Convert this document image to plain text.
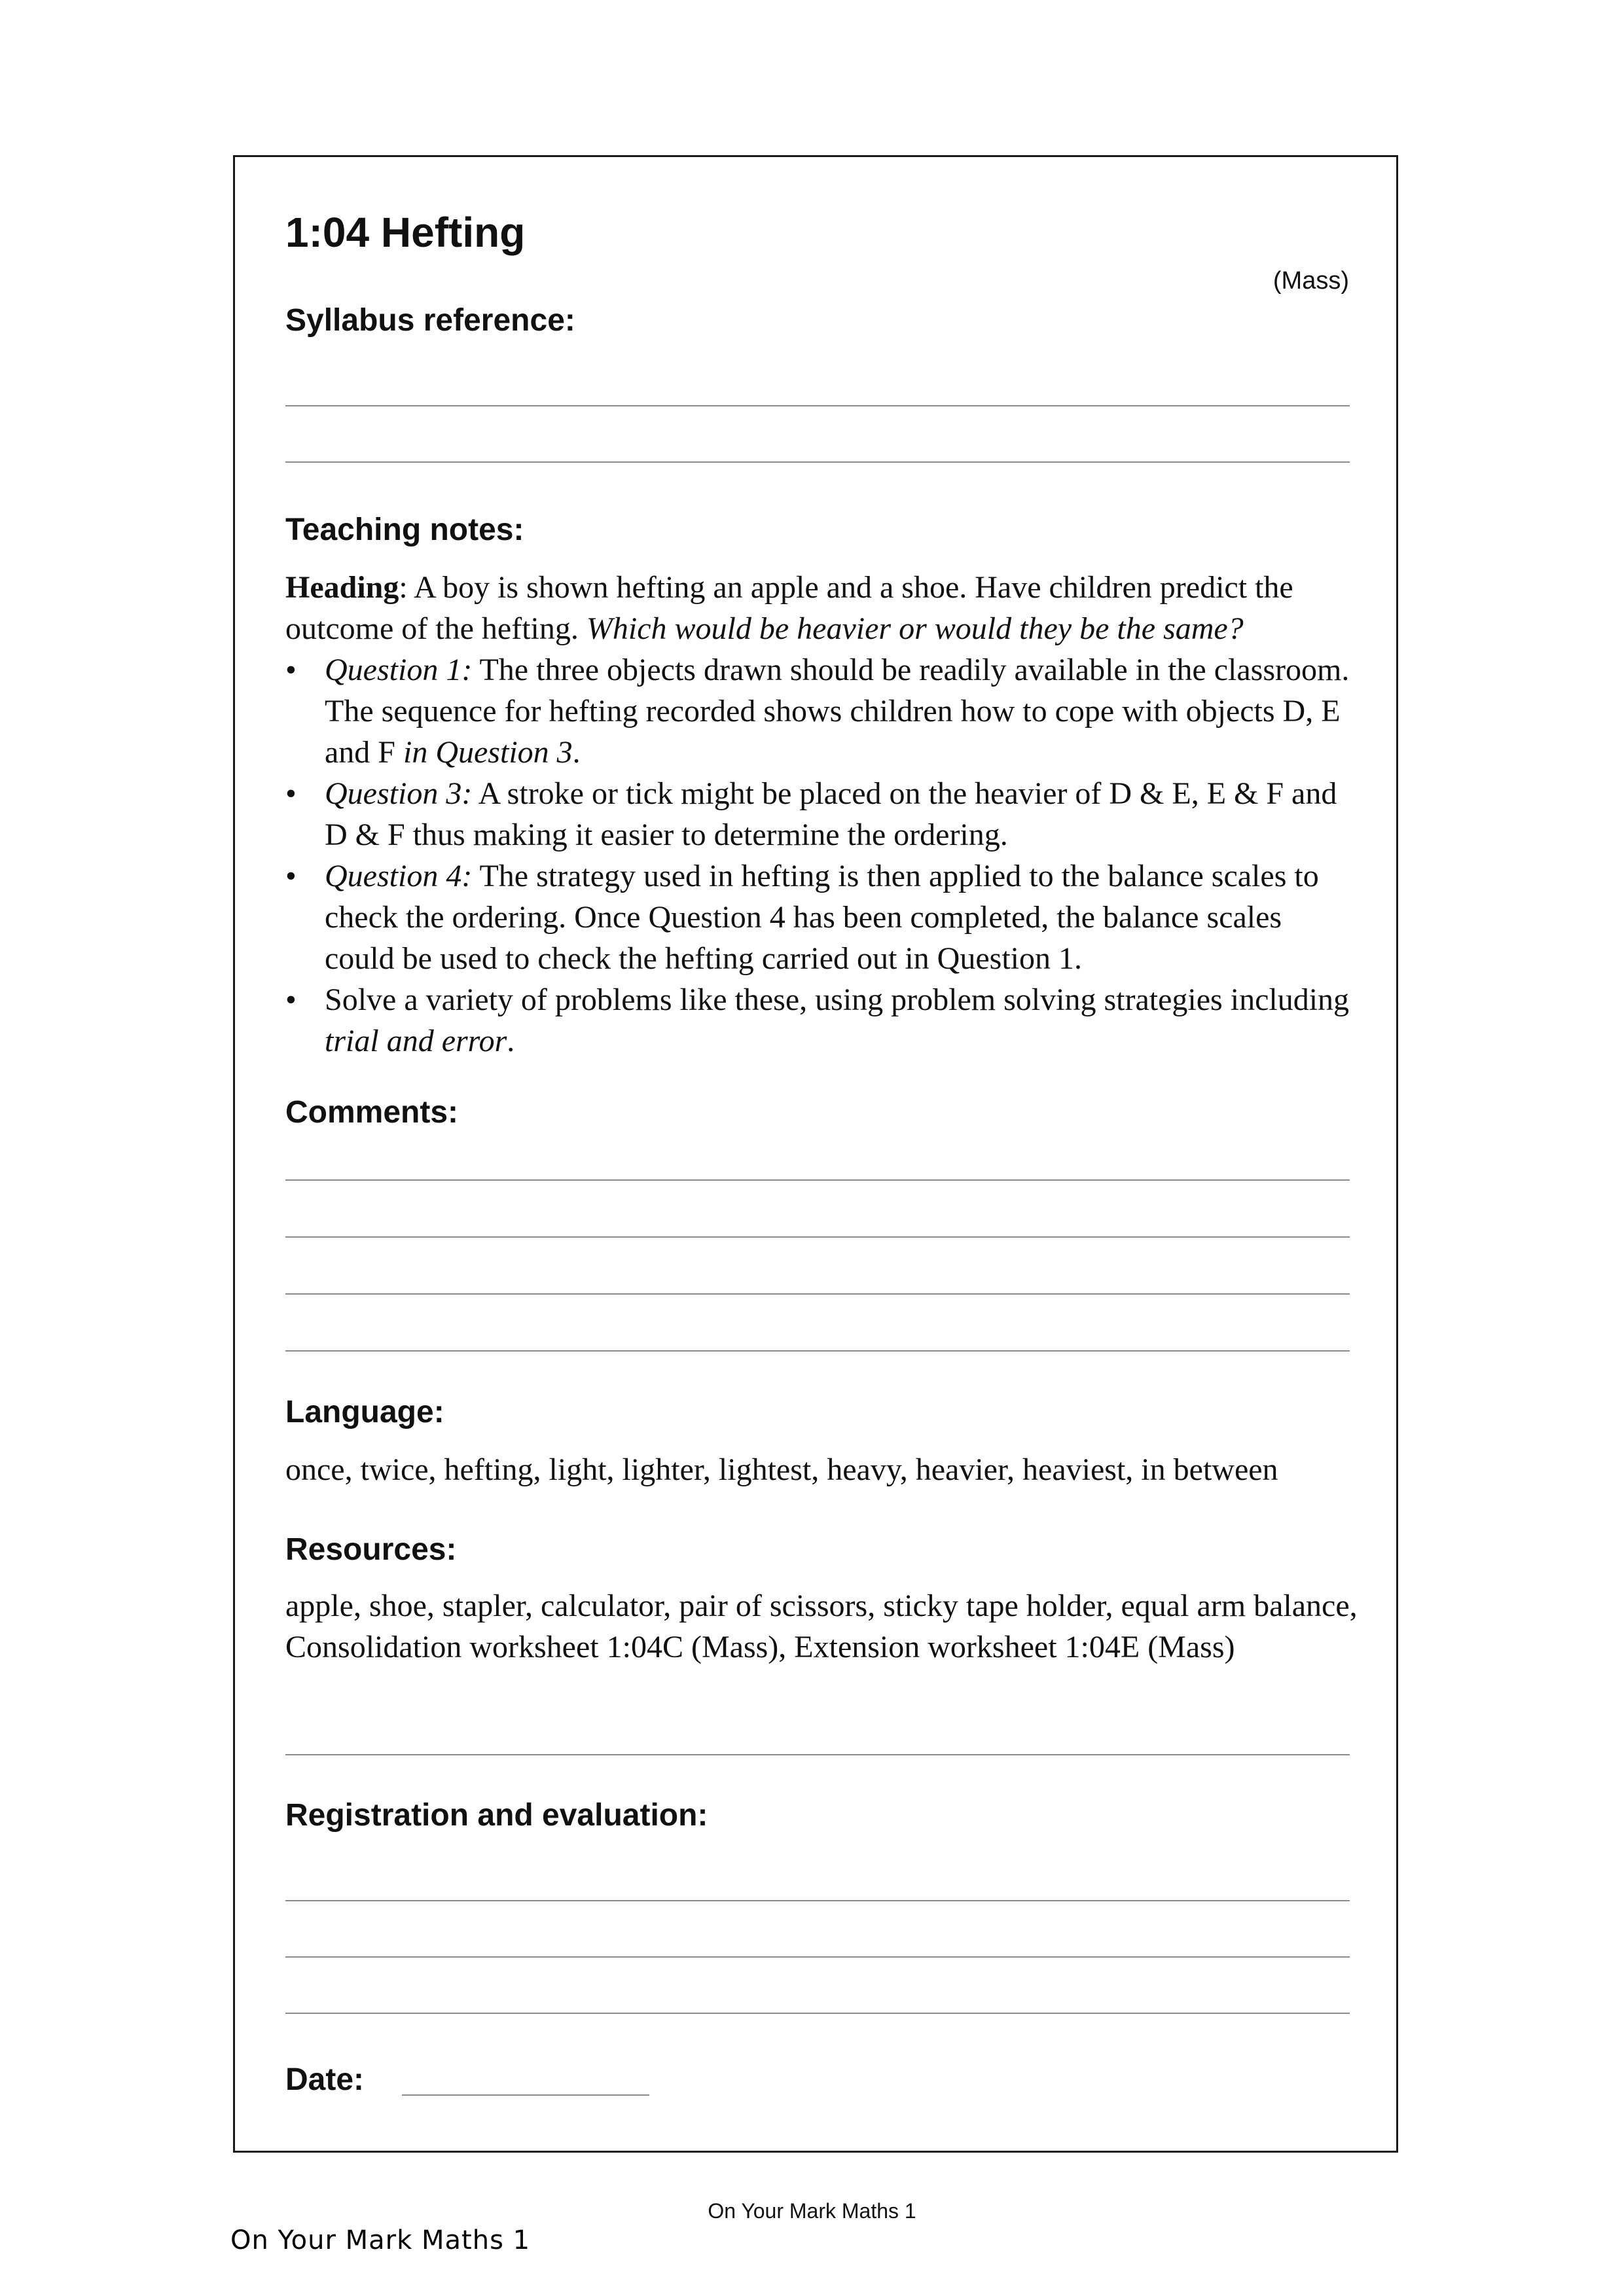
1:04 Hefting
(Mass)
Syllabus reference:
Teaching notes:

Heading: A boy is shown hefting an apple and a shoe. Have children predict the outcome of the hefting. Which would be heavier or would they be the same?

• Question 1: The three objects drawn should be readily available in the classroom. The sequence for hefting recorded shows children how to cope with objects D, E and F in Question 3.
• Question 3: A stroke or tick might be placed on the heavier of D & E, E & F and D & F thus making it easier to determine the ordering.
• Question 4: The strategy used in hefting is then applied to the balance scales to check the ordering. Once Question 4 has been completed, the balance scales could be used to check the hefting carried out in Question 1.
• Solve a variety of problems like these, using problem solving strategies including trial and error.
Comments:
Language:
once, twice, hefting, light, lighter, lightest, heavy, heavier, heaviest, in between
Resources:
apple, shoe, stapler, calculator, pair of scissors, sticky tape holder, equal arm balance, Consolidation worksheet 1:04C (Mass), Extension worksheet 1:04E (Mass)
Registration and evaluation:
Date:
On Your Mark Maths 1
On Your Mark Maths 1
